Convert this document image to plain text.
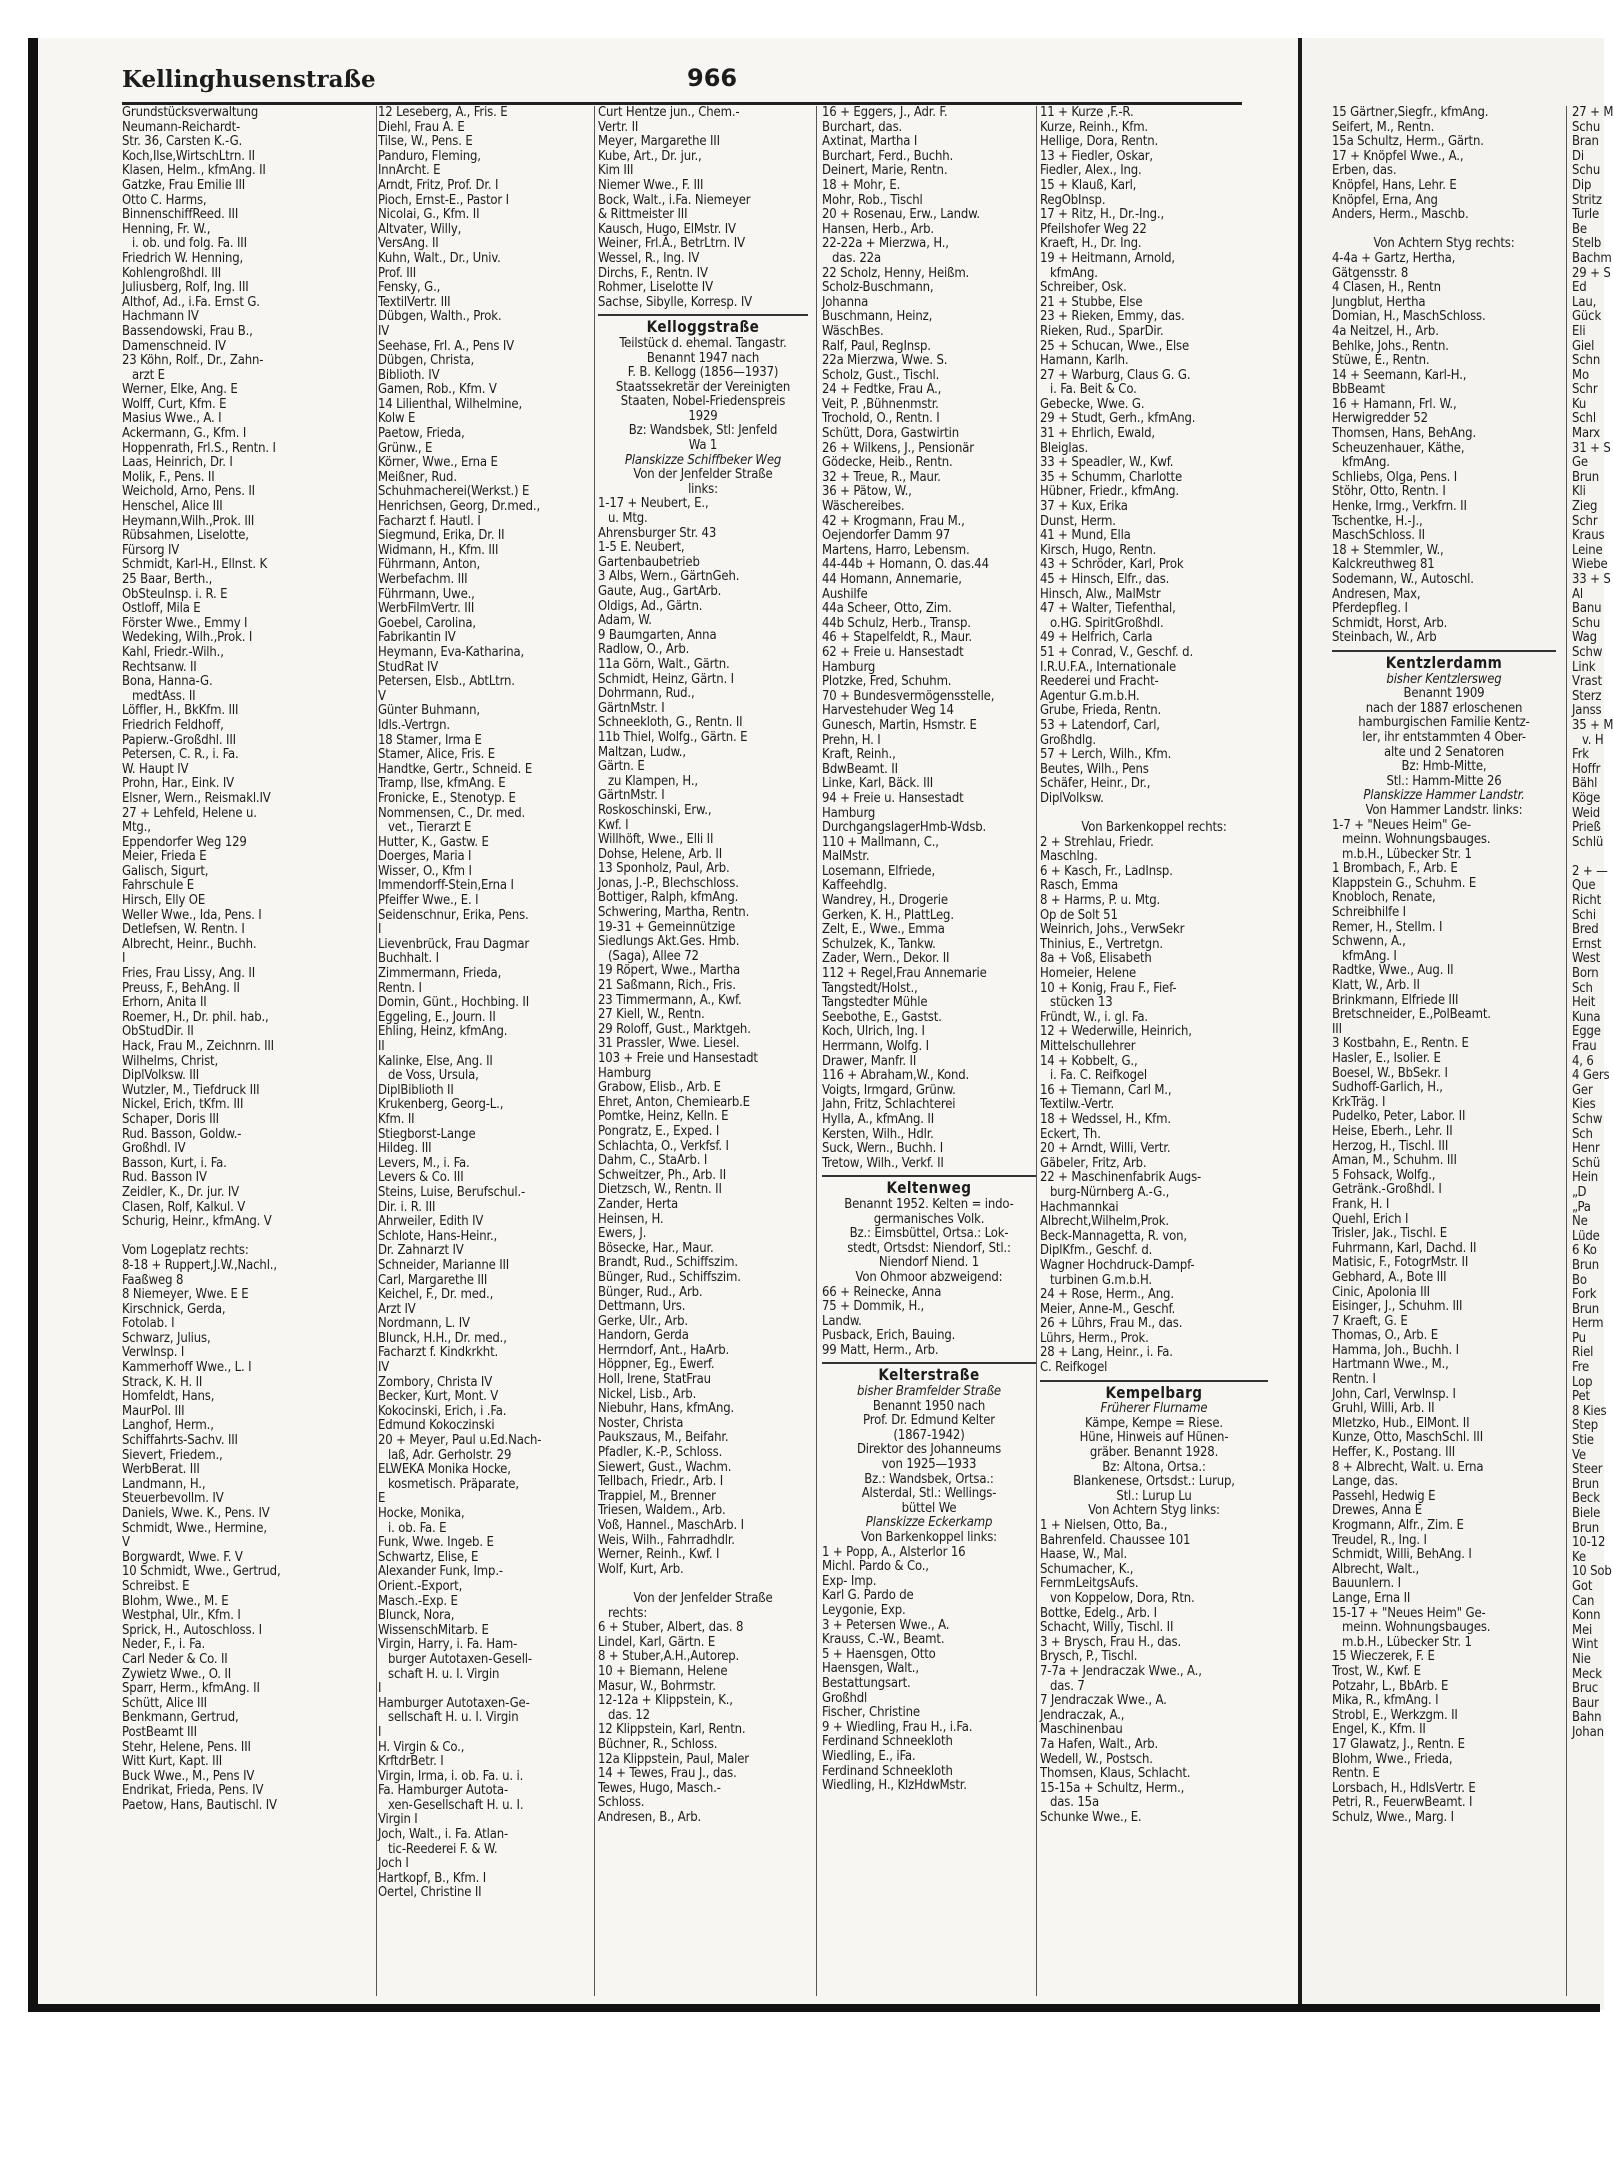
Kellinghusenstraße	966
Grundstücksverwaltung
Neumann-Reichardt-
Str. 36, Carsten K.-G.
Koch,Ilse,WirtschLtrn. II
Klasen, Helm., kfmAng. II
Gatzke, Frau Emilie III
Otto C. Harms,
BinnenschiffReed. III
Henning, Fr. W.,
i. ob. und folg. Fa. III
Friedrich W. Henning,
Kohlengroßhdl. III
Juliusberg, Rolf, Ing. III
Althof, Ad., i.Fa. Ernst G.
Hachmann IV
Bassendowski, Frau B.,
Damenschneid. IV
23 Köhn, Rolf., Dr., Zahn-
arzt E
Werner, Elke, Ang. E
Wolff, Curt, Kfm. E
Masius Wwe., A. I
Ackermann, G., Kfm. I
Hoppenrath, Frl.S., Rentn. I
Laas, Heinrich, Dr. I
Molik, F., Pens. II
Weichold, Arno, Pens. II
Henschel, Alice III
Heymann,Wilh.,Prok. III
Rübsahmen, Liselotte,
Fürsorg IV
Schmidt, Karl-H., Ellnst. K
25 Baar, Berth.,
ObSteuInsp. i. R. E
Ostloff, Mila E
Förster Wwe., Emmy I
Wedeking, Wilh.,Prok. I
Kahl, Friedr.-Wilh.,
Rechtsanw. II
Bona, Hanna-G.
medtAss. II
Löffler, H., BkKfm. III
Friedrich Feldhoff,
Papierw.-Großdhl. III
Petersen, C. R., i. Fa.
W. Haupt IV
Prohn, Har., Eink. IV
Elsner, Wern., Reismakl.IV
27 + Lehfeld, Helene u.
Mtg.,
Eppendorfer Weg 129
Meier, Frieda E
Galisch, Sigurt,
Fahrschule E
Hirsch, Elly OE
Weller Wwe., Ida, Pens. I
Detlefsen, W. Rentn. I
Albrecht, Heinr., Buchh.
I
Fries, Frau Lissy, Ang. II
Preuss, F., BehAng. II
Erhorn, Anita II
Roemer, H., Dr. phil. hab.,
ObStudDir. II
Hack, Frau M., Zeichnrn. III
Wilhelms, Christ,
DiplVolksw. III
Wutzler, M., Tiefdruck III
Nickel, Erich, tKfm. III
Schaper, Doris III
Rud. Basson, Goldw.-
Großhdl. IV
Basson, Kurt, i. Fa.
Rud. Basson IV
Zeidler, K., Dr. jur. IV
Clasen, Rolf, Kalkul. V
Schurig, Heinr., kfmAng. V

Vom Logeplatz rechts:
8-18 + Ruppert,J.W.,Nachl.,
Faaßweg 8
8 Niemeyer, Wwe. E E
Kirschnick, Gerda,
Fotolab. I
Schwarz, Julius,
VerwInsp. I
Kammerhoff Wwe., L. I
Strack, K. H. II
Homfeldt, Hans,
MaurPol. III
Langhof, Herm.,
Schiffahrts-Sachv. III
Sievert, Friedem.,
WerbBerat. III
Landmann, H.,
Steuerbevollm. IV
Daniels, Wwe. K., Pens. IV
Schmidt, Wwe., Hermine,
V
Borgwardt, Wwe. F. V
10 Schmidt, Wwe., Gertrud,
Schreibst. E
Blohm, Wwe., M. E
Westphal, Ulr., Kfm. I
Sprick, H., Autoschloss. I
Neder, F., i. Fa.
Carl Neder & Co. II
Zywietz Wwe., O. II
Sparr, Herm., kfmAng. II
Schütt, Alice III
Benkmann, Gertrud,
PostBeamt III
Stehr, Helene, Pens. III
Witt Kurt, Kapt. III
Buck Wwe., M., Pens IV
Endrikat, Frieda, Pens. IV
Paetow, Hans, Bautischl. IV
12 Leseberg, A., Fris. E
Diehl, Frau A. E
Tilse, W., Pens. E
Panduro, Fleming,
InnArcht. E
Arndt, Fritz, Prof. Dr. I
Pioch, Ernst-E., Pastor I
Nicolai, G., Kfm. II
Altvater, Willy,
VersAng. II
Kuhn, Walt., Dr., Univ.
Prof. III
Fensky, G.,
TextilVertr. III
Dübgen, Walth., Prok.
IV
Seehase, Frl. A., Pens IV
Dübgen, Christa,
Biblioth. IV
Gamen, Rob., Kfm. V
14 Lilienthal, Wilhelmine,
Kolw E
Paetow, Frieda,
Grünw., E
Körner, Wwe., Erna E
Meißner, Rud.
Schuhmacherei(Werkst.) E
Henrichsen, Georg, Dr.med.,
Facharzt f. Hautl. I
Siegmund, Erika, Dr. II
Widmann, H., Kfm. III
Führmann, Anton,
Werbefachm. III
Führmann, Uwe.,
WerbFilmVertr. III
Goebel, Carolina,
Fabrikantin IV
Heymann, Eva-Katharina,
StudRat IV
Petersen, Elsb., AbtLtrn.
V
Günter Buhmann,
Idls.-Vertrgn.
18 Stamer, Irma E
Stamer, Alice, Fris. E
Handtke, Gertr., Schneid. E
Tramp, Ilse, kfmAng. E
Fronicke, E., Stenotyp. E
Nommensen, C., Dr. med.
vet., Tierarzt E
Hutter, K., Gastw. E
Doerges, Maria I
Wisser, O., Kfm I
Immendorff-Stein,Erna I
Pfeiffer Wwe., E. I
Seidenschnur, Erika, Pens.
I
Lievenbrück, Frau Dagmar
Buchhalt. I
Zimmermann, Frieda,
Rentn. I
Domin, Günt., Hochbing. II
Eggeling, E., Journ. II
Ehling, Heinz, kfmAng.
II
Kalinke, Else, Ang. II
de Voss, Ursula,
DiplBiblioth II
Krukenberg, Georg-L.,
Kfm. II
Stiegborst-Lange
Hildeg. III
Levers, M., i. Fa.
Levers & Co. III
Steins, Luise, Berufschul.-
Dir. i. R. III
Ahrweiler, Edith IV
Schlote, Hans-Heinr.,
Dr. Zahnarzt IV
Schneider, Marianne III
Carl, Margarethe III
Keichel, F., Dr. med.,
Arzt IV
Nordmann, L. IV
Blunck, H.H., Dr. med.,
Facharzt f. Kindkrkht.
IV
Zombory, Christa IV
Becker, Kurt, Mont. V
Kokocinski, Erich, i .Fa.
Edmund Kokoczinski
20 + Meyer, Paul u.Ed.Nach-
laß, Adr. Gerholstr. 29
ELWEKA Monika Hocke,
kosmetisch. Präparate,
E
Hocke, Monika,
i. ob. Fa. E
Funk, Wwe. Ingeb. E
Schwartz, Elise, E
Alexander Funk, Imp.-
Orient.-Export,
Masch.-Exp. E
Blunck, Nora,
WissenschMitarb. E
Virgin, Harry, i. Fa. Ham-
burger Autotaxen-Gesell-
schaft H. u. I. Virgin
I
Hamburger Autotaxen-Ge-
sellschaft H. u. I. Virgin
I
H. Virgin & Co.,
KrftdrBetr. I
Virgin, Irma, i. ob. Fa. u. i.
Fa. Hamburger Autota-
xen-Gesellschaft H. u. I.
Virgin I
Joch, Walt., i. Fa. Atlan-
tic-Reederei F. & W.
Joch I
Hartkopf, B., Kfm. I
Oertel, Christine II
Curt Hentze jun., Chem.-
Vertr. II
Meyer, Margarethe III
Kube, Art., Dr. jur.,
Kim III
Niemer Wwe., F. III
Bock, Walt., i.Fa. Niemeyer
& Rittmeister III
Kausch, Hugo, ElMstr. IV
Weiner, Frl.A., BetrLtrn. IV
Wessel, R., Ing. IV
Dirchs, F., Rentn. IV
Rohmer, Liselotte IV
Sachse, Sibylle, Korresp. IV
Kelloggstraße
Teilstück d. ehemal. Tangastr.
Benannt 1947 nach
F. B. Kellogg (1856—1937)
Staatssekretär der Vereinigten
Staaten, Nobel-Friedenspreis
1929
Bz: Wandsbek, Stl: Jenfeld
Wa 1
Planskizze Schiffbeker Weg
Von der Jenfelder Straße
links:
1-17 + Neubert, E.,
u. Mtg.
Ahrensburger Str. 43
1-5 E. Neubert,
Gartenbaubetrieb
3 Albs, Wern., GärtnGeh.
Gaute, Aug., GartArb.
Oldigs, Ad., Gärtn.
Adam, W.
9 Baumgarten, Anna
Radlow, O., Arb.
11a Görn, Walt., Gärtn.
Schmidt, Heinz, Gärtn. I
Dohrmann, Rud.,
GärtnMstr. I
Schneekloth, G., Rentn. II
11b Thiel, Wolfg., Gärtn. E
Maltzan, Ludw.,
Gärtn. E
zu Klampen, H.,
GärtnMstr. I
Roskoschinski, Erw.,
Kwf. I
Willhöft, Wwe., Elli II
Dohse, Helene, Arb. II
13 Sponholz, Paul, Arb.
Jonas, J.-P., Blechschloss.
Bottiger, Ralph, kfmAng.
Schwering, Martha, Rentn.
19-31 + Gemeinnützige
Siedlungs Akt.Ges. Hmb.
(Saga), Allee 72
19 Röpert, Wwe., Martha
21 Saßmann, Rich., Fris.
23 Timmermann, A., Kwf.
27 Kiell, W., Rentn.
29 Roloff, Gust., Marktgeh.
31 Prassler, Wwe. Liesel.
103 + Freie und Hansestadt
Hamburg
Grabow, Elisb., Arb. E
Ehret, Anton, Chemiearb.E
Pomtke, Heinz, Kelln. E
Pongratz, E., Exped. I
Schlachta, O., Verkfsf. I
Dahm, C., StaArb. I
Schweitzer, Ph., Arb. II
Dietzsch, W., Rentn. II
Zander, Herta
Heinsen, H.
Ewers, J.
Bösecke, Har., Maur.
Brandt, Rud., Schiffszim.
Bünger, Rud., Schiffszim.
Bünger, Rud., Arb.
Dettmann, Urs.
Gerke, Ulr., Arb.
Handorn, Gerda
Herrndorf, Ant., HaArb.
Höppner, Eg., Ewerf.
Holl, Irene, StatFrau
Nickel, Lisb., Arb.
Niebuhr, Hans, kfmAng.
Noster, Christa
Paukszaus, M., Beifahr.
Pfadler, K.-P., Schloss.
Siewert, Gust., Wachm.
Tellbach, Friedr., Arb. I
Trappiel, M., Brenner
Triesen, Waldem., Arb.
Voß, Hannel., MaschArb. I
Weis, Wilh., Fahrradhdlr.
Werner, Reinh., Kwf. I
Wolf, Kurt, Arb.

Von der Jenfelder Straße
rechts:
6 + Stuber, Albert, das. 8
Lindel, Karl, Gärtn. E
8 + Stuber,A.H.,Autorep.
10 + Biemann, Helene
Masur, W., Bohrmstr.
12-12a + Klippstein, K.,
das. 12
12 Klippstein, Karl, Rentn.
Büchner, R., Schloss.
12a Klippstein, Paul, Maler
14 + Tewes, Frau J., das.
Tewes, Hugo, Masch.-
Schloss.
Andresen, B., Arb.
16 + Eggers, J., Adr. F.
Burchart, das.
Axtinat, Martha I
Burchart, Ferd., Buchh.
Deinert, Marie, Rentn.
18 + Mohr, E.
Mohr, Rob., Tischl
20 + Rosenau, Erw., Landw.
Hansen, Herb., Arb.
22-22a + Mierzwa, H.,
das. 22a
22 Scholz, Henny, Heißm.
Scholz-Buschmann,
Johanna
Buschmann, Heinz,
WäschBes.
Ralf, Paul, RegInsp.
22a Mierzwa, Wwe. S.
Scholz, Gust., Tischl.
24 + Fedtke, Frau A.,
Veit, P. ,Bühnenmstr.
Trochold, O., Rentn. I
Schütt, Dora, Gastwirtin
26 + Wilkens, J., Pensionär
Gödecke, Heib., Rentn.
32 + Treue, R., Maur.
36 + Pätow, W.,
Wäschereibes.
42 + Krogmann, Frau M.,
Oejendorfer Damm 97
Martens, Harro, Lebensm.
44-44b + Homann, O. das.44
44 Homann, Annemarie,
Aushilfe
44a Scheer, Otto, Zim.
44b Schulz, Herb., Transp.
46 + Stapelfeldt, R., Maur.
62 + Freie u. Hansestadt
Hamburg
Plotzke, Fred, Schuhm.
70 + Bundesvermögensstelle,
Harvestehuder Weg 14
Gunesch, Martin, Hsmstr. E
Prehn, H. I
Kraft, Reinh.,
BdwBeamt. II
Linke, Karl, Bäck. III
94 + Freie u. Hansestadt
Hamburg
DurchgangslagerHmb-Wdsb.
110 + Mallmann, C.,
MalMstr.
Losemann, Elfriede,
Kaffeehdlg.
Wandrey, H., Drogerie
Gerken, K. H., PlattLeg.
Zelt, E., Wwe., Emma
Schulzek, K., Tankw.
Zader, Wern., Dekor. II
112 + Regel,Frau Annemarie
Tangstedt/Holst.,
Tangstedter Mühle
Seebothe, E., Gastst.
Koch, Ulrich, Ing. I
Herrmann, Wolfg. I
Drawer, Manfr. II
116 + Abraham,W., Kond.
Voigts, Irmgard, Grünw.
Jahn, Fritz, Schlachterei
Hylla, A., kfmAng. II
Kersten, Wilh., Hdlr.
Suck, Wern., Buchh. I
Tretow, Wilh., Verkf. II
Keltenweg
Benannt 1952. Kelten = indo-
germanisches Volk.
Bz.: Eimsbüttel, Ortsa.: Lok-
stedt, Ortsdst: Niendorf, Stl.:
Niendorf Niend. 1
Von Ohmoor abzweigend:
66 + Reinecke, Anna
75 + Dommik, H.,
Landw.
Pusback, Erich, Bauing.
99 Matt, Herm., Arb.
Kelterstraße
bisher Bramfelder Straße
Benannt 1950 nach
Prof. Dr. Edmund Kelter
(1867-1942)
Direktor des Johanneums
von 1925—1933
Bz.: Wandsbek, Ortsa.:
Alsterdal, Stl.: Wellings-
büttel We
Planskizze Eckerkamp
Von Barkenkoppel links:
1 + Popp, A., Alsterlor 16
Michl. Pardo & Co.,
Exp- Imp.
Karl G. Pardo de
Leygonie, Exp.
3 + Petersen Wwe., A.
Krauss, C.-W., Beamt.
5 + Haensgen, Otto
Haensgen, Walt.,
Bestattungsart.
Großhdl
Fischer, Christine
9 + Wiedling, Frau H., i.Fa.
Ferdinand Schneekloth
Wiedling, E., iFa.
Ferdinand Schneekloth
Wiedling, H., KlzHdwMstr.
11 + Kurze ,F.-R.
Kurze, Reinh., Kfm.
Hellige, Dora, Rentn.
13 + Fiedler, Oskar,
Fiedler, Alex., Ing.
15 + Klauß, Karl,
RegObInsp.
17 + Ritz, H., Dr.-Ing.,
Pfeilshofer Weg 22
Kraeft, H., Dr. Ing.
19 + Heitmann, Arnold,
kfmAng.
Schreiber, Osk.
21 + Stubbe, Else
23 + Rieken, Emmy, das.
Rieken, Rud., SparDir.
25 + Schucan, Wwe., Else
Hamann, Karlh.
27 + Warburg, Claus G. G.
i. Fa. Beit & Co.
Gebecke, Wwe. G.
29 + Studt, Gerh., kfmAng.
31 + Ehrlich, Ewald,
Bleiglas.
33 + Speadler, W., Kwf.
35 + Schumm, Charlotte
Hübner, Friedr., kfmAng.
37 + Kux, Erika
Dunst, Herm.
41 + Mund, Ella
Kirsch, Hugo, Rentn.
43 + Schröder, Karl, Prok
45 + Hinsch, Elfr., das.
Hinsch, Alw., MalMstr
47 + Walter, Tiefenthal,
o.HG. SpiritGroßhdl.
49 + Helfrich, Carla
51 + Conrad, V., Geschf. d.
I.R.U.F.A., Internationale
Reederei und Fracht-
Agentur G.m.b.H.
Grube, Frieda, Rentn.
53 + Latendorf, Carl,
Großhdlg.
57 + Lerch, Wilh., Kfm.
Beutes, Wilh., Pens
Schäfer, Heinr., Dr.,
DiplVolksw.

Von Barkenkoppel rechts:
2 + Strehlau, Friedr.
Maschlng.
6 + Kasch, Fr., LadInsp.
Rasch, Emma
8 + Harms, P. u. Mtg.
Op de Solt 51
Weinrich, Johs., VerwSekr
Thinius, E., Vertretgn.
8a + Voß, Elisabeth
Homeier, Helene
10 + Konig, Frau F., Fief-
stücken 13
Fründt, W., i. gl. Fa.
12 + Wederwille, Heinrich,
Mittelschullehrer
14 + Kobbelt, G.,
i. Fa. C. Reifkogel
16 + Tiemann, Carl M.,
Textilw.-Vertr.
18 + Wedssel, H., Kfm.
Eckert, Th.
20 + Arndt, Willi, Vertr.
Gäbeler, Fritz, Arb.
22 + Maschinenfabrik Augs-
burg-Nürnberg A.-G.,
Hachmannkai
Albrecht,Wilhelm,Prok.
Beck-Mannagetta, R. von,
DiplKfm., Geschf. d.
Wagner Hochdruck-Dampf-
turbinen G.m.b.H.
24 + Rose, Herm., Ang.
Meier, Anne-M., Geschf.
26 + Lührs, Frau M., das.
Lührs, Herm., Prok.
28 + Lang, Heinr., i. Fa.
C. Reifkogel
Kempelbarg
Früherer Flurname
Kämpe, Kempe = Riese.
Hüne, Hinweis auf Hünen-
gräber. Benannt 1928.
Bz: Altona, Ortsa.:
Blankenese, Ortsdst.: Lurup,
Stl.: Lurup Lu
Von Achtern Styg links:
1 + Nielsen, Otto, Ba.,
Bahrenfeld. Chaussee 101
Haase, W., Mal.
Schumacher, K.,
FernmLeitgsAufs.
von Koppelow, Dora, Rtn.
Bottke, Edelg., Arb. I
Schacht, Willy, Tischl. II
3 + Brysch, Frau H., das.
Brysch, P., Tischl.
7-7a + Jendraczak Wwe., A.,
das. 7
7 Jendraczak Wwe., A.
Jendraczak, A.,
Maschinenbau
7a Hafen, Walt., Arb.
Wedell, W., Postsch.
Thomsen, Klaus, Schlacht.
15-15a + Schultz, Herm.,
das. 15a
Schunke Wwe., E.
15 Gärtner,Siegfr., kfmAng.
Seifert, M., Rentn.
15a Schultz, Herm., Gärtn.
17 + Knöpfel Wwe., A.,
Erben, das.
Knöpfel, Hans, Lehr. E
Knöpfel, Erna, Ang
Anders, Herm., Maschb.

Von Achtern Styg rechts:
4-4a + Gartz, Hertha,
Gätgensstr. 8
4 Clasen, H., Rentn
Jungblut, Hertha
Domian, H., MaschSchloss.
4a Neitzel, H., Arb.
Behlke, Johs., Rentn.
Stüwe, E., Rentn.
14 + Seemann, Karl-H.,
BbBeamt
16 + Hamann, Frl. W.,
Herwigredder 52
Thomsen, Hans, BehAng.
Scheuzenhauer, Käthe,
kfmAng.
Schliebs, Olga, Pens. I
Stöhr, Otto, Rentn. I
Henke, Irmg., Verkfrn. II
Tschentke, H.-J.,
MaschSchloss. II
18 + Stemmler, W.,
Kalckreuthweg 81
Sodemann, W., Autoschl.
Andresen, Max,
Pferdepfleg. I
Schmidt, Horst, Arb.
Steinbach, W., Arb
Kentzlerdamm
bisher Kentzlersweg
Benannt 1909
nach der 1887 erloschenen
hamburgischen Familie Kentz-
ler, ihr entstammten 4 Ober-
alte und 2 Senatoren
Bz: Hmb-Mitte,
Stl.: Hamm-Mitte 26
Planskizze Hammer Landstr.
Von Hammer Landstr. links:
1-7 + "Neues Heim" Ge-
meinn. Wohnungsbauges.
m.b.H., Lübecker Str. 1
1 Brombach, F., Arb. E
Klappstein G., Schuhm. E
Knobloch, Renate,
Schreibhilfe I
Remer, H., Stellm. I
Schwenn, A.,
kfmAng. I
Radtke, Wwe., Aug. II
Klatt, W., Arb. II
Brinkmann, Elfriede III
Bretschneider, E.,PolBeamt.
III
3 Kostbahn, E., Rentn. E
Hasler, E., Isolier. E
Boesel, W., BbSekr. I
Sudhoff-Garlich, H.,
KrkTräg. I
Pudelko, Peter, Labor. II
Heise, Eberh., Lehr. II
Herzog, H., Tischl. III
Aman, M., Schuhm. III
5 Fohsack, Wolfg.,
Getränk.-Großhdl. I
Frank, H. I
Quehl, Erich I
Trisler, Jak., Tischl. E
Fuhrmann, Karl, Dachd. II
Matisic, F., FotogrMstr. II
Gebhard, A., Bote III
Cinic, Apolonia III
Eisinger, J., Schuhm. III
7 Kraeft, G. E
Thomas, O., Arb. E
Hamma, Joh., Buchh. I
Hartmann Wwe., M.,
Rentn. I
John, Carl, Verwlnsp. I
Gruhl, Willi, Arb. II
Mletzko, Hub., ElMont. II
Kunze, Otto, MaschSchl. III
Heffer, K., Postang. III
8 + Albrecht, Walt. u. Erna
Lange, das.
Passehl, Hedwig E
Drewes, Anna E
Krogmann, Alfr., Zim. E
Treudel, R., Ing. I
Schmidt, Willi, BehAng. I
Albrecht, Walt.,
Bauunlern. I
Lange, Erna II
15-17 + "Neues Heim" Ge-
meinn. Wohnungsbauges.
m.b.H., Lübecker Str. 1
15 Wieczerek, F. E
Trost, W., Kwf. E
Potzahr, L., BbArb. E
Mika, R., kfmAng. I
Strobl, E., Werkzgm. II
Engel, K., Kfm. II
17 Glawatz, J., Rentn. E
Blohm, Wwe., Frieda,
Rentn. E
Lorsbach, H., HdlsVertr. E
Petri, R., FeuerwBeamt. I
Schulz, Wwe., Marg. I
27 + M
Schu
Bran
Di
Schu
Dip
Stritz
Turle
Be
Stelb
Bachm
29 + S
Ed
Lau,
Gück
Eli
Giel
Schn
Mo
Schr
Ku
Schl
Marx
31 + S
Ge
Brun
Kli
Zieg
Schr
Kraus
Leine
Wiebe
33 + S
Al
Banu
Schu
Wag
Schw
Link
Vrast
Sterz
Janss
35 + M
v. H
Frk
Hoffr
Bähl
Köge
Weid
Prieß
Schlü

2 + —
Que
Richt
Schi
Bred
Ernst
West
Born
Sch
Heit
Kuna
Egge
Frau
4, 6
4 Gers
Ger
Kies
Schw
Sch
Henr
Schü
Hein
„D
„Pa
Ne
Lüde
6 Ko
Brun
Bo
Fork
Brun
Herm
Pu
Riel
Fre
Lop
Pet
8 Kies
Step
Stie
Ve
Steer
Brun
Beck
Biele
Brun
10-12
Ke
10 Sob
Got
Can
Konn
Mei
Wint
Nie
Meck
Bruc
Baur
Bahn
Johan
